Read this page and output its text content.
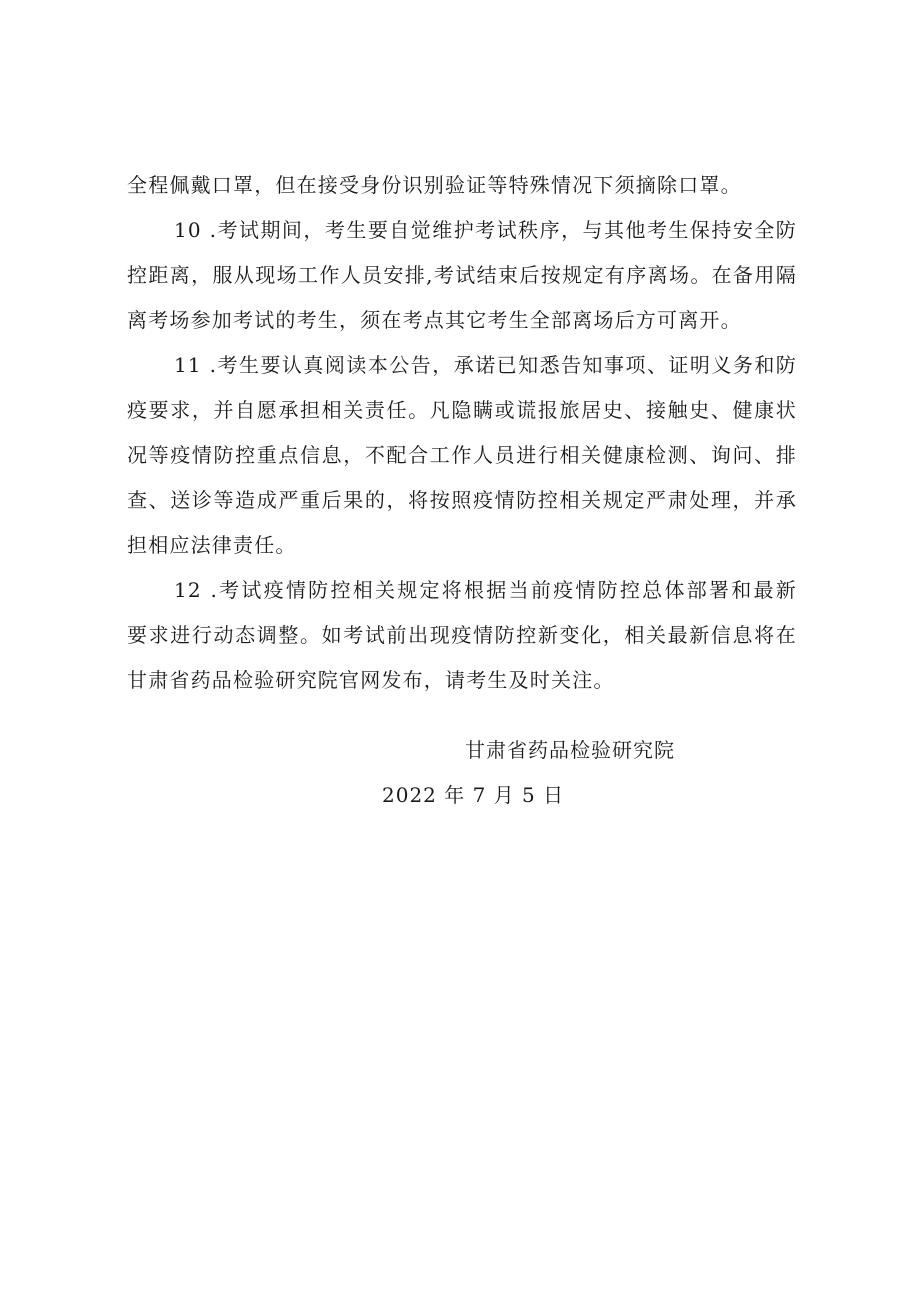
全程佩戴口罩，但在接受身份识别验证等特殊情况下须摘除口罩。
10 .考试期间，考生要自觉维护考试秩序，与其他考生保持安全防
控距离，服从现场工作人员安排,考试结束后按规定有序离场。在备用隔
离考场参加考试的考生，须在考点其它考生全部离场后方可离开。
11 .考生要认真阅读本公告，承诺已知悉告知事项、证明义务和防
疫要求，并自愿承担相关责任。凡隐瞒或谎报旅居史、接触史、健康状
况等疫情防控重点信息，不配合工作人员进行相关健康检测、询问、排
查、送诊等造成严重后果的，将按照疫情防控相关规定严肃处理，并承
担相应法律责任。
12 .考试疫情防控相关规定将根据当前疫情防控总体部署和最新
要求进行动态调整。如考试前出现疫情防控新变化，相关最新信息将在
甘肃省药品检验研究院官网发布，请考生及时关注。
甘肃省药品检验研究院
2022 年 7 月 5 日
